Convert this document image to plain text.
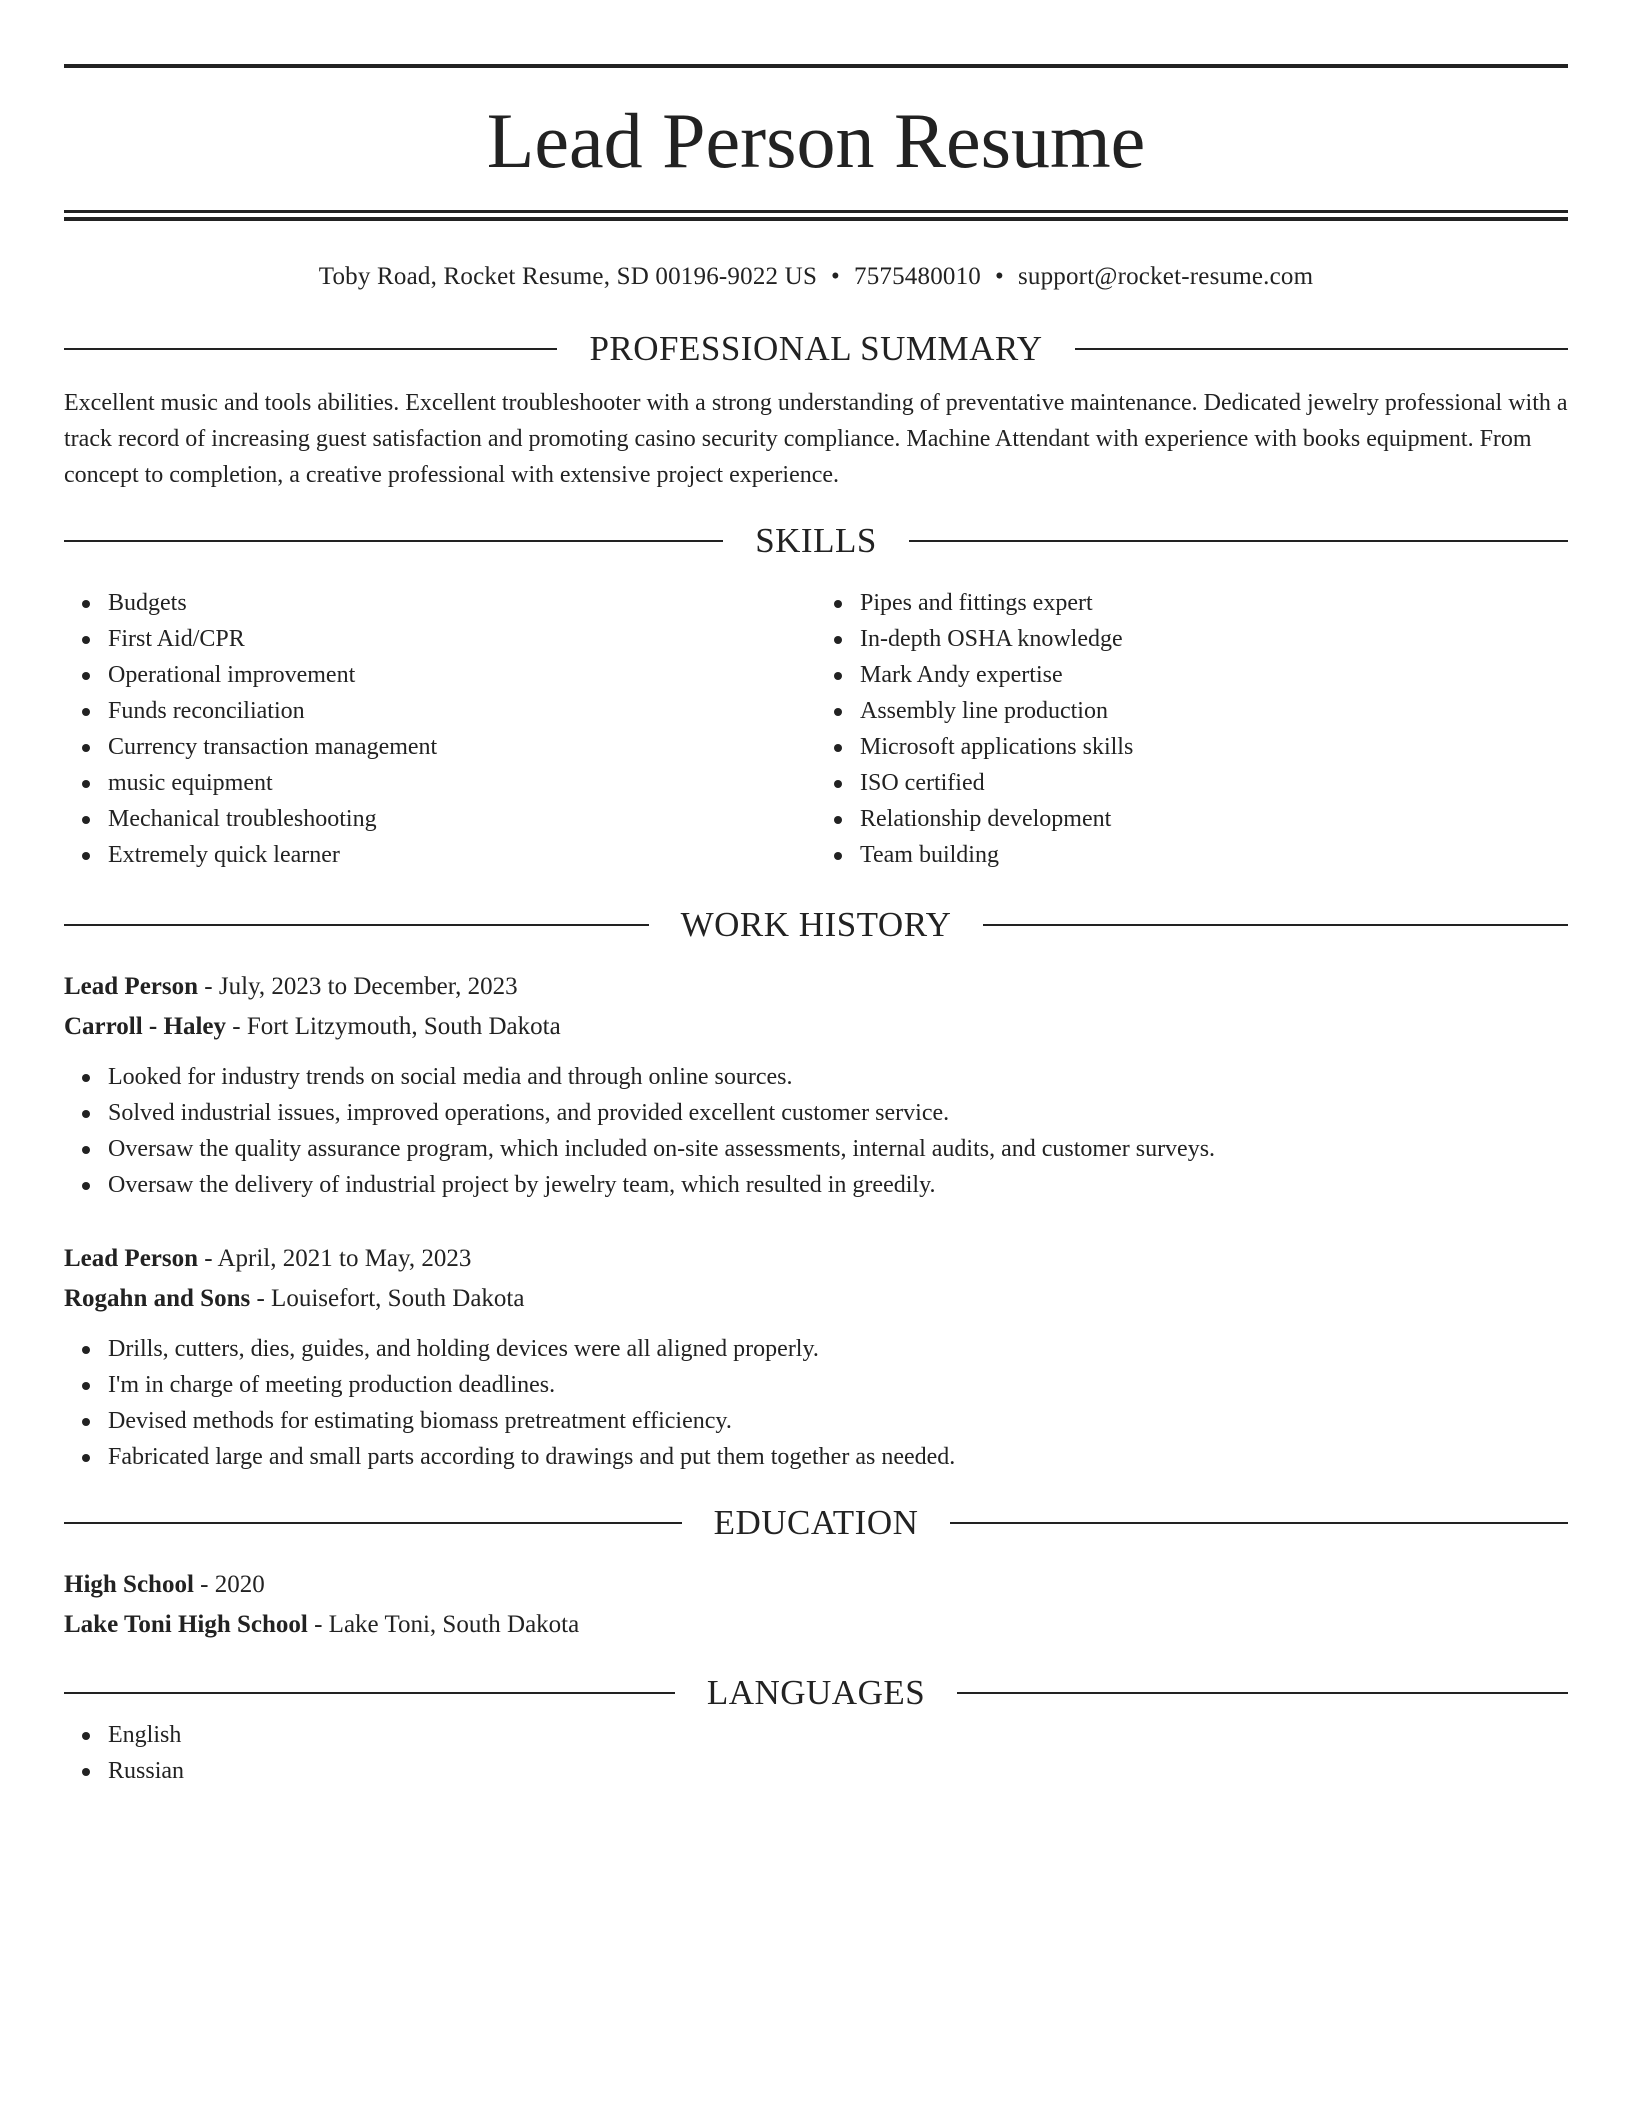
Lead Person Resume
Toby Road, Rocket Resume, SD 00196-9022 US • 7575480010 • support@rocket-resume.com
PROFESSIONAL SUMMARY

Excellent music and tools abilities. Excellent troubleshooter with a strong understanding of preventative maintenance. Dedicated jewelry professional with a track record of increasing guest satisfaction and promoting casino security compliance. Machine Attendant with experience with books equipment. From concept to completion, a creative professional with extensive project experience.

SKILLS
Budgets
First Aid/CPR
Operational improvement
Funds reconciliation
Currency transaction management
music equipment
Mechanical troubleshooting
Extremely quick learner
Pipes and fittings expert
In-depth OSHA knowledge
Mark Andy expertise
Assembly line production
Microsoft applications skills
ISO certified
Relationship development
Team building
WORK HISTORY
Lead Person - July, 2023 to December, 2023
Carroll - Haley - Fort Litzymouth, South Dakota
Looked for industry trends on social media and through online sources.
Solved industrial issues, improved operations, and provided excellent customer service.
Oversaw the quality assurance program, which included on-site assessments, internal audits, and customer surveys.
Oversaw the delivery of industrial project by jewelry team, which resulted in greedily.
Lead Person - April, 2021 to May, 2023
Rogahn and Sons - Louisefort, South Dakota
Drills, cutters, dies, guides, and holding devices were all aligned properly.
I'm in charge of meeting production deadlines.
Devised methods for estimating biomass pretreatment efficiency.
Fabricated large and small parts according to drawings and put them together as needed.
EDUCATION
High School - 2020
Lake Toni High School - Lake Toni, South Dakota
LANGUAGES
English
Russian
